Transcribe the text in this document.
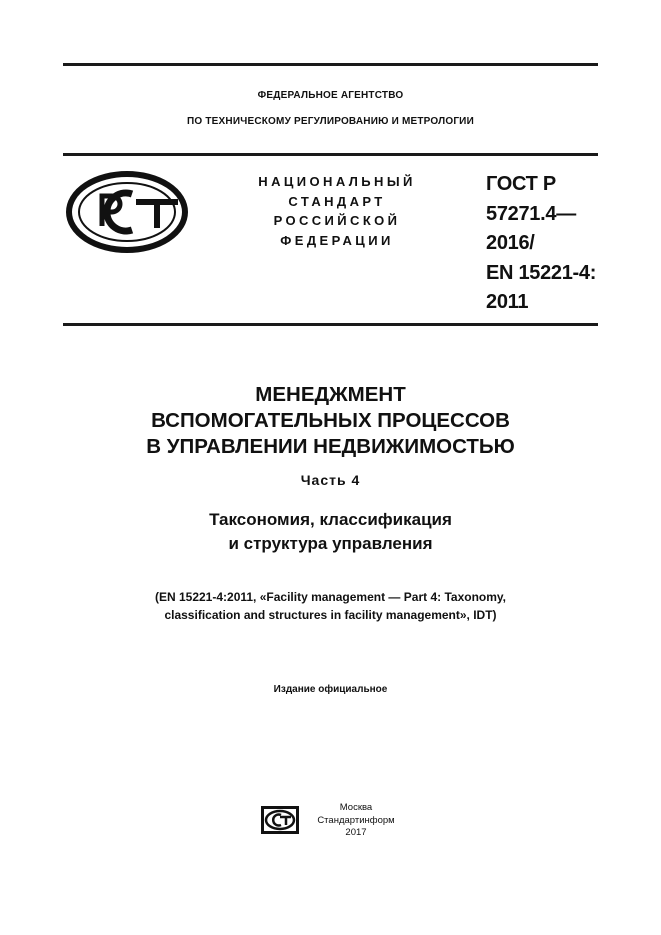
ФЕДЕРАЛЬНОЕ АГЕНТСТВО
ПО ТЕХНИЧЕСКОМУ РЕГУЛИРОВАНИЮ И МЕТРОЛОГИИ
НАЦИОНАЛЬНЫЙ
СТАНДАРТ
РОССИЙСКОЙ
ФЕДЕРАЦИИ
ГОСТ Р
57271.4—
2016/
EN 15221-4:
2011
МЕНЕДЖМЕНТ
ВСПОМОГАТЕЛЬНЫХ ПРОЦЕССОВ
В УПРАВЛЕНИИ НЕДВИЖИМОСТЬЮ
Часть 4
Таксономия, классификация
и структура управления
(EN 15221-4:2011, «Facility management — Part 4: Taxonomy,
classification and structures in facility management», IDT)
Издание официальное
Москва
Стандартинформ
2017
